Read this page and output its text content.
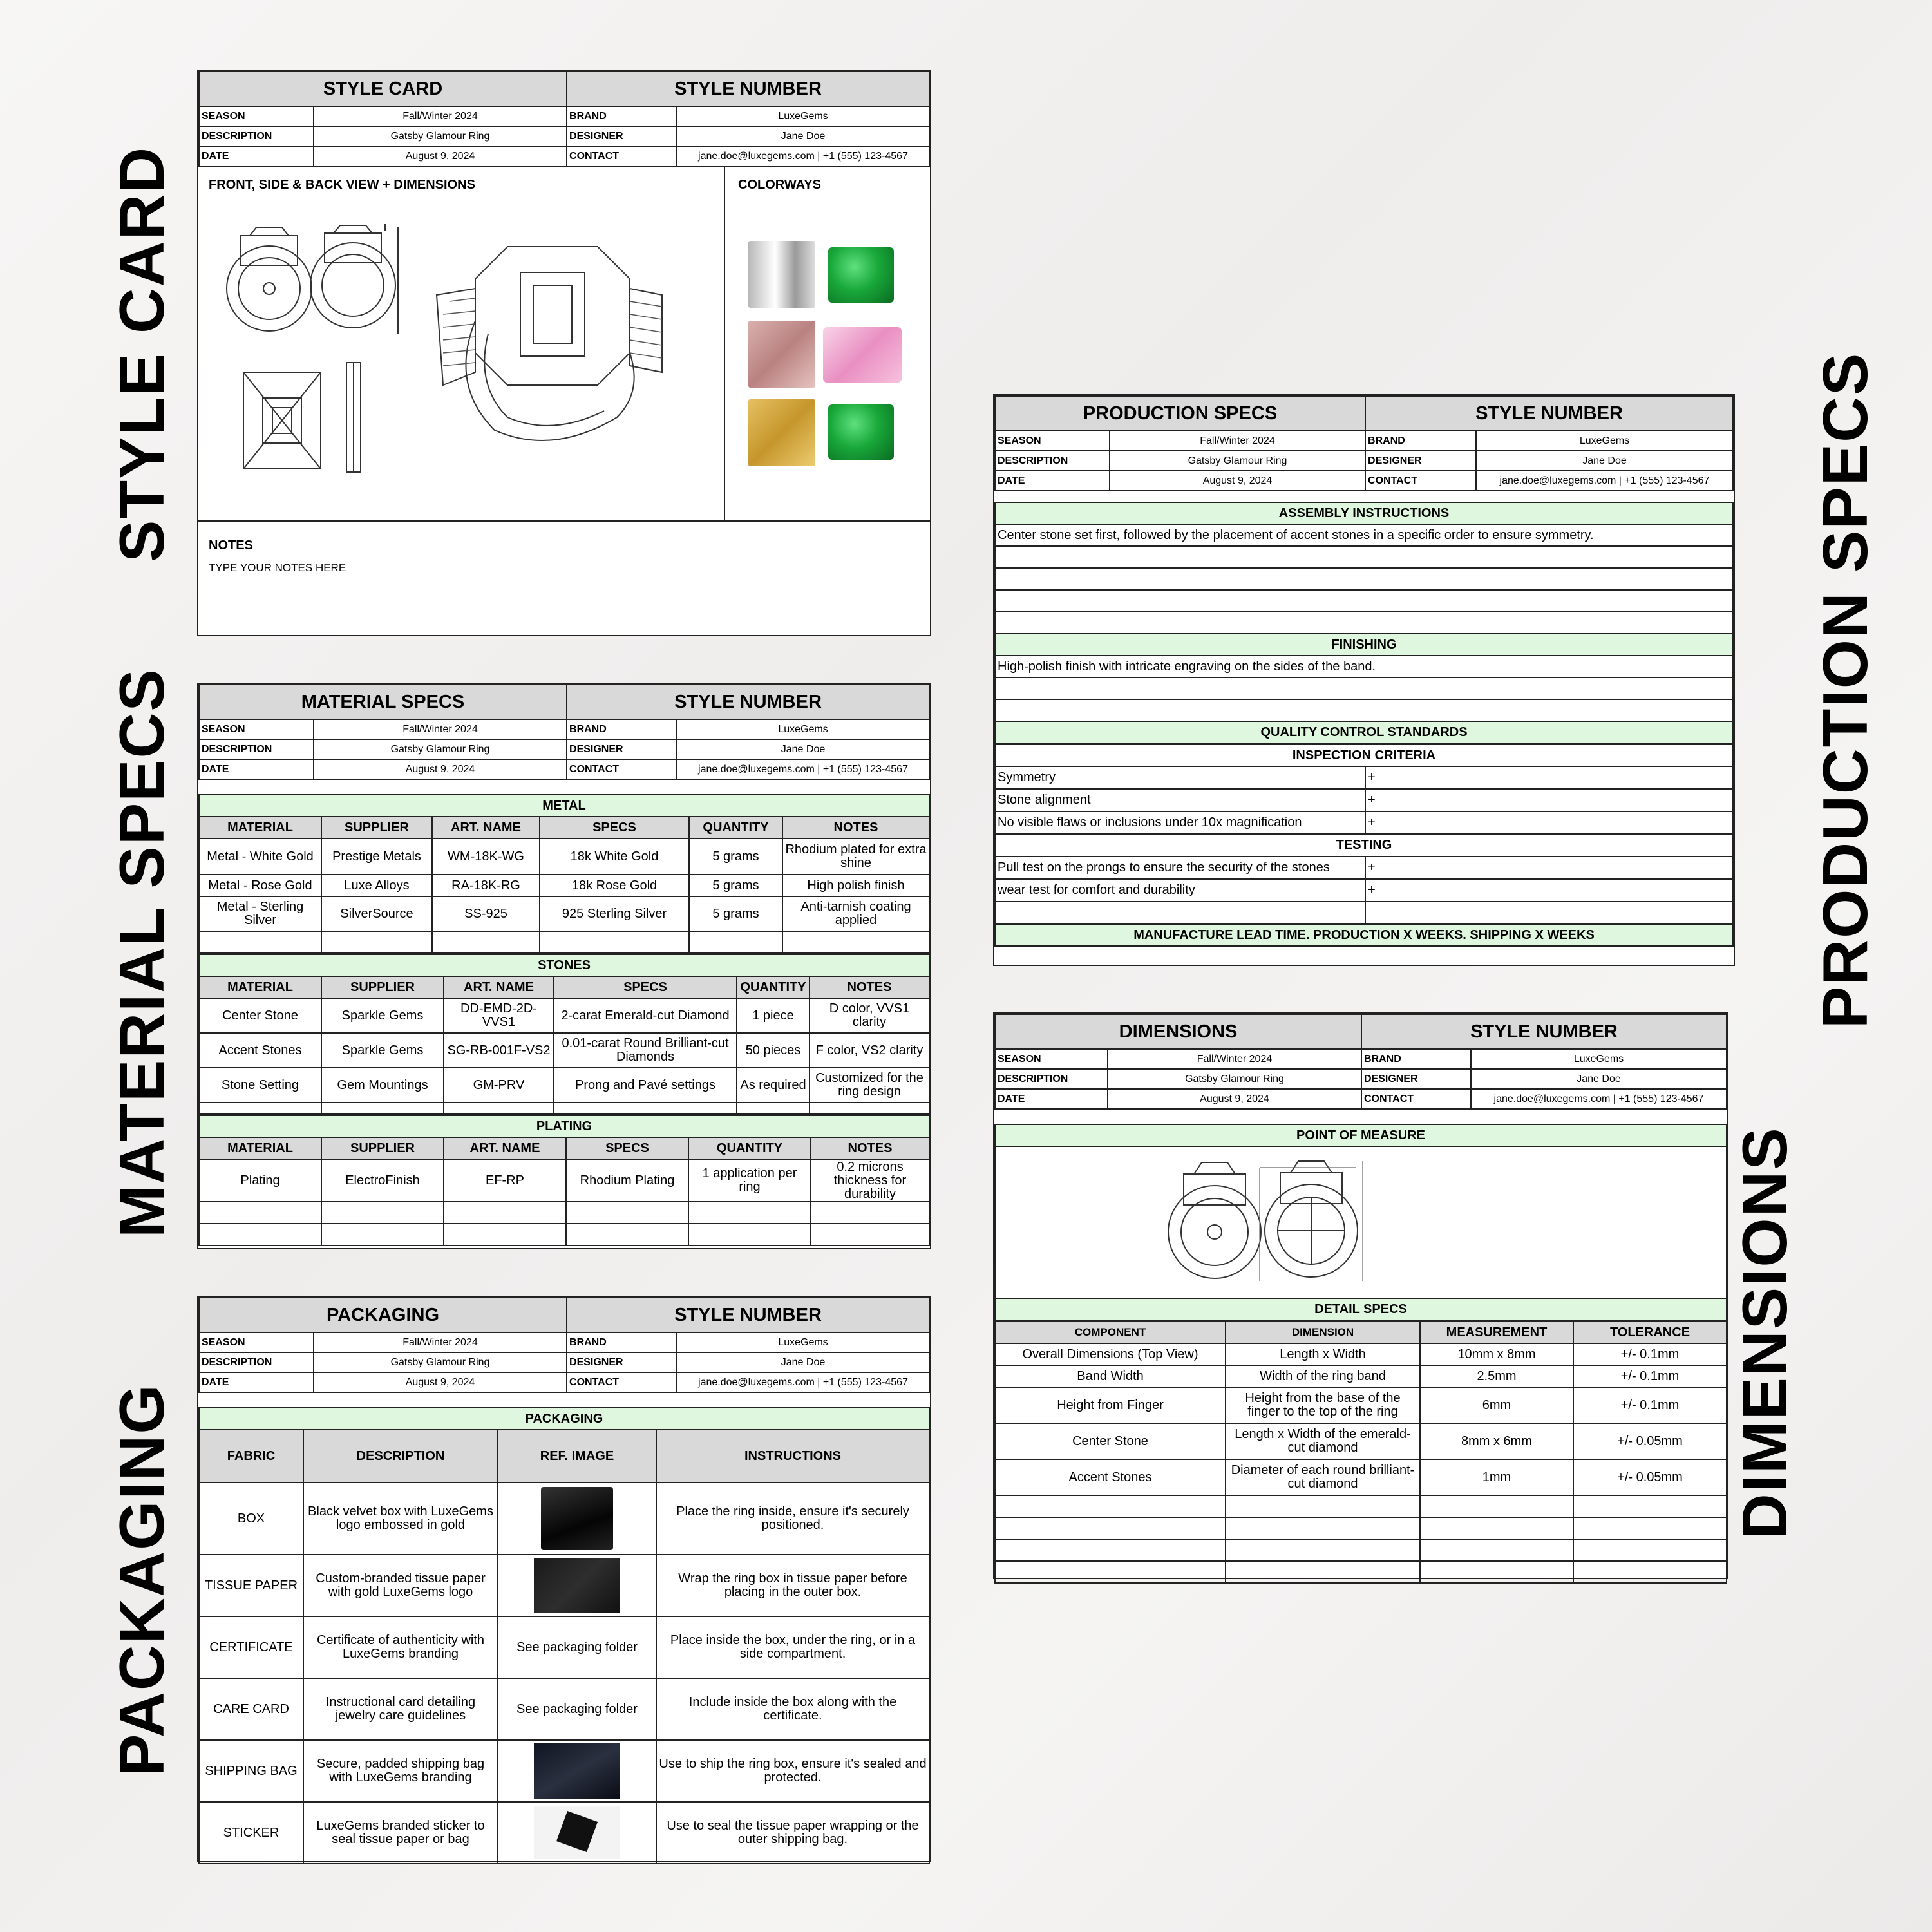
STYLE CARD
MATERIAL SPECS
PACKAGING
PRODUCTION SPECS
DIMENSIONS
STYLE CARD		STYLE NUMBER	
SEASON	Fall/Winter 2024	BRAND	LuxeGems
DESCRIPTION	Gatsby Glamour Ring	DESIGNER	Jane Doe
DATE	August 9, 2024	CONTACT	jane.doe@luxegems.com | +1 (555) 123-4567
FRONT, SIDE & BACK VIEW + DIMENSIONS	COLORWAYS
NOTES
TYPE YOUR NOTES HERE
MATERIAL SPECS		STYLE NUMBER	
SEASON	Fall/Winter 2024	BRAND	LuxeGems
DESCRIPTION	Gatsby Glamour Ring	DESIGNER	Jane Doe
DATE	August 9, 2024	CONTACT	jane.doe@luxegems.com | +1 (555) 123-4567
METAL					
MATERIAL	SUPPLIER	ART. NAME	SPECS	QUANTITY	NOTES
Metal - White Gold	Prestige Metals	WM-18K-WG	18k White Gold	5 grams	Rhodium plated for extra shine
Metal - Rose Gold	Luxe Alloys	RA-18K-RG	18k Rose Gold	5 grams	High polish finish
Metal - Sterling Silver	SilverSource	SS-925	925 Sterling Silver	5 grams	Anti-tarnish coating applied

STONES					
MATERIAL	SUPPLIER	ART. NAME	SPECS	QUANTITY	NOTES
Center Stone	Sparkle Gems	DD-EMD-2D-VVS1	2-carat Emerald-cut Diamond	1 piece	D color, VVS1 clarity
Accent Stones	Sparkle Gems	SG-RB-001F-VS2	0.01-carat Round Brilliant-cut Diamonds	50 pieces	F color, VS2 clarity
Stone Setting	Gem Mountings	GM-PRV	Prong and Pavé settings	As required	Customized for the ring design

PLATING					
MATERIAL	SUPPLIER	ART. NAME	SPECS	QUANTITY	NOTES
Plating	ElectroFinish	EF-RP	Rhodium Plating	1 application per ring	0.2 microns thickness for durability

PACKAGING		STYLE NUMBER	
SEASON	Fall/Winter 2024	BRAND	LuxeGems
DESCRIPTION	Gatsby Glamour Ring	DESIGNER	Jane Doe
DATE	August 9, 2024	CONTACT	jane.doe@luxegems.com | +1 (555) 123-4567
PACKAGING			
FABRIC	DESCRIPTION	REF. IMAGE	INSTRUCTIONS
BOX	Black velvet box with LuxeGems logo embossed in gold		Place the ring inside, ensure it's securely positioned.
TISSUE PAPER	Custom-branded tissue paper with gold LuxeGems logo		Wrap the ring box in tissue paper before placing in the outer box.
CERTIFICATE	Certificate of authenticity with LuxeGems branding	See packaging folder	Place inside the box, under the ring, or in a side compartment.
CARE CARD	Instructional card detailing jewelry care guidelines	See packaging folder	Include inside the box along with the certificate.
SHIPPING BAG	Secure, padded shipping bag with LuxeGems branding		Use to ship the ring box, ensure it's sealed and protected.
STICKER	LuxeGems branded sticker to seal tissue paper or bag		Use to seal the tissue paper wrapping or the outer shipping bag.
PRODUCTION SPECS		STYLE NUMBER	
SEASON	Fall/Winter 2024	BRAND	LuxeGems
DESCRIPTION	Gatsby Glamour Ring	DESIGNER	Jane Doe
DATE	August 9, 2024	CONTACT	jane.doe@luxegems.com | +1 (555) 123-4567
ASSEMBLY INSTRUCTIONS
Center stone set first, followed by the placement of accent stones in a specific order to ensure symmetry.

FINISHING
High-polish finish with intricate engraving on the sides of the band.

QUALITY CONTROL STANDARDS
INSPECTION CRITERIA	
Symmetry	+
Stone alignment	+
No visible flaws or inclusions under 10x magnification	+
TESTING	
Pull test on the prongs to ensure the security of the stones	+
wear test for comfort and durability	+

MANUFACTURE LEAD TIME. PRODUCTION X WEEKS. SHIPPING X WEEKS	
DIMENSIONS		STYLE NUMBER	
SEASON	Fall/Winter 2024	BRAND	LuxeGems
DESCRIPTION	Gatsby Glamour Ring	DESIGNER	Jane Doe
DATE	August 9, 2024	CONTACT	jane.doe@luxegems.com | +1 (555) 123-4567
POINT OF MEASURE

DETAIL SPECS
COMPONENT	DIMENSION	MEASUREMENT	TOLERANCE
Overall Dimensions (Top View)	Length x Width	10mm x 8mm	+/- 0.1mm
Band Width	Width of the ring band	2.5mm	+/- 0.1mm
Height from Finger	Height from the base of the finger to the top of the ring	6mm	+/- 0.1mm
Center Stone	Length x Width of the emerald-cut diamond	8mm x 6mm	+/- 0.05mm
Accent Stones	Diameter of each round brilliant-cut diamond	1mm	+/- 0.05mm
